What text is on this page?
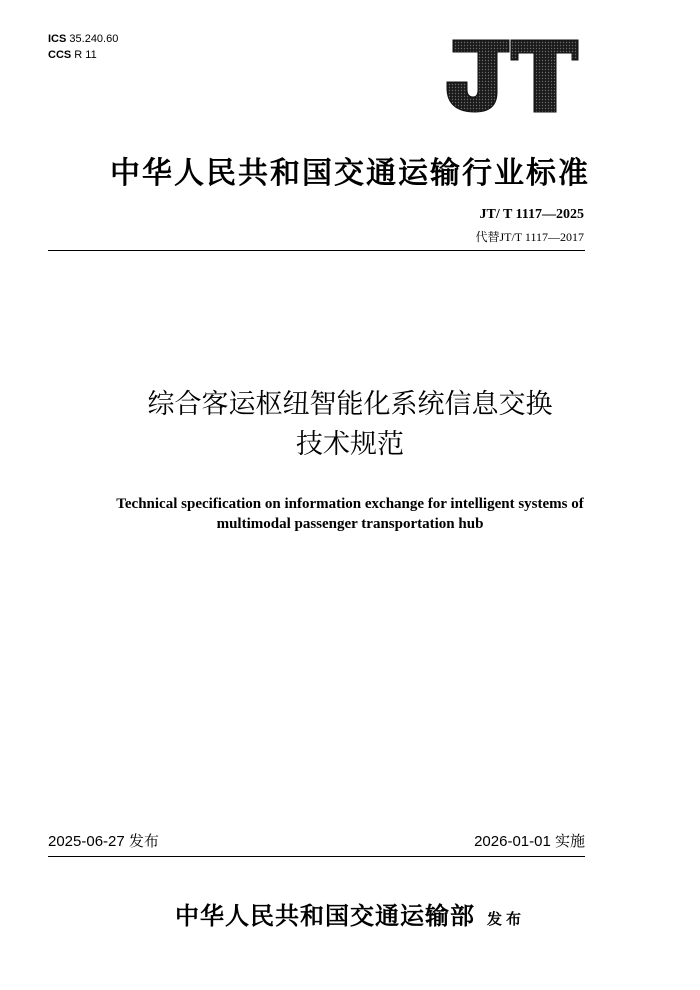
ICS 35.240.60
CCS R 11
中华人民共和国交通运输行业标准
JT/ T 1117—2025
代替JT/T 1117—2017
综合客运枢纽智能化系统信息交换
技术规范
Technical specification on information exchange for intelligent systems of
multimodal passenger transportation hub
2025-06-27 发布	2026-01-01 实施
中华人民共和国交通运输部 发布
